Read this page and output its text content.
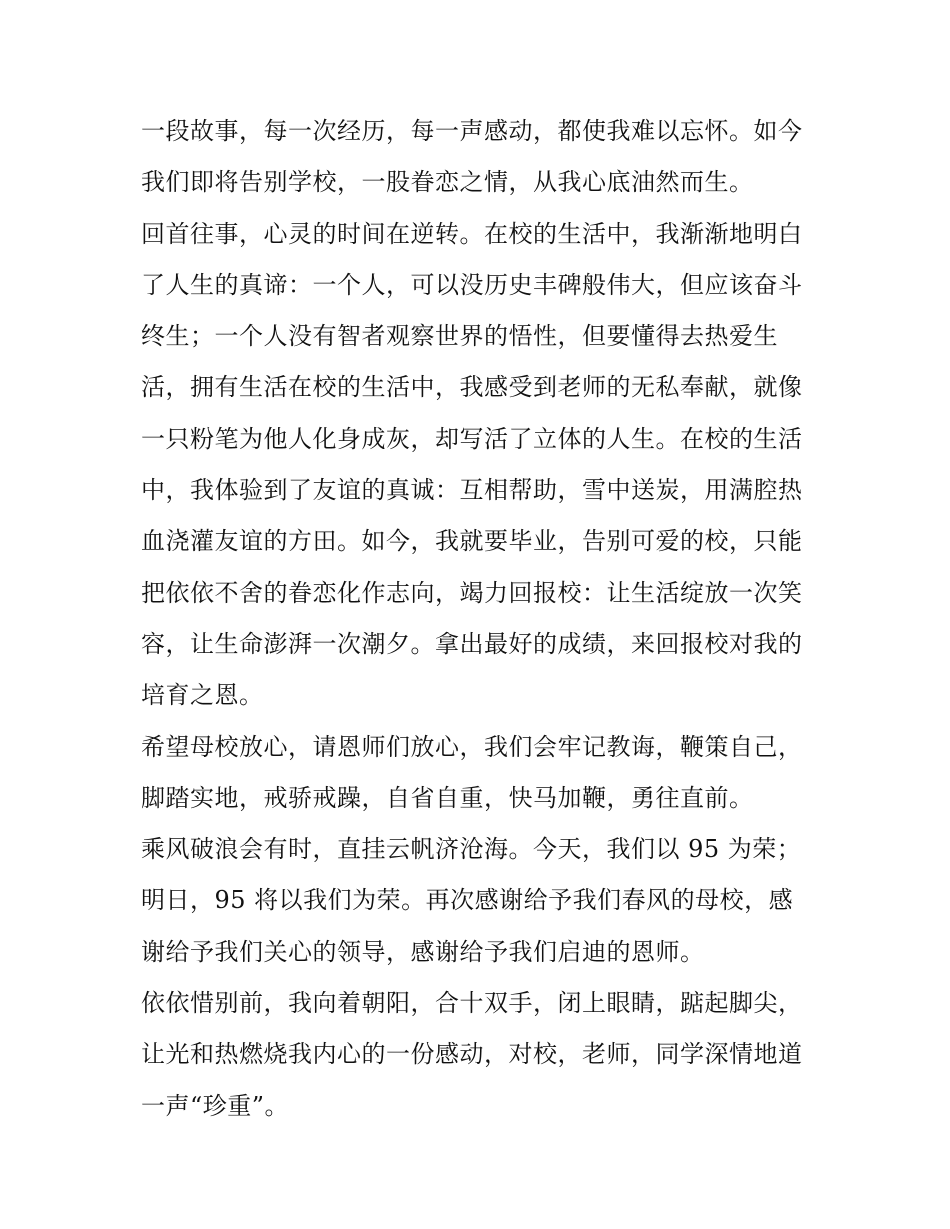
一段故事，每一次经历，每一声感动，都使我难以忘怀。如今
我们即将告别学校，一股眷恋之情，从我心底油然而生。
回首往事，心灵的时间在逆转。在校的生活中，我渐渐地明白
了人生的真谛：一个人，可以没历史丰碑般伟大，但应该奋斗
终生；一个人没有智者观察世界的悟性，但要懂得去热爱生
活，拥有生活在校的生活中，我感受到老师的无私奉献，就像
一只粉笔为他人化身成灰，却写活了立体的人生。在校的生活
中，我体验到了友谊的真诚：互相帮助，雪中送炭，用满腔热
血浇灌友谊的方田。如今，我就要毕业，告别可爱的校，只能
把依依不舍的眷恋化作志向，竭力回报校：让生活绽放一次笑
容，让生命澎湃一次潮夕。拿出最好的成绩，来回报校对我的
培育之恩。
希望母校放心，请恩师们放心，我们会牢记教诲，鞭策自己，
脚踏实地，戒骄戒躁，自省自重，快马加鞭，勇往直前。
乘风破浪会有时，直挂云帆济沧海。今天，我们以 95 为荣；
明日，95 将以我们为荣。再次感谢给予我们春风的母校，感
谢给予我们关心的领导，感谢给予我们启迪的恩师。
依依惜别前，我向着朝阳，合十双手，闭上眼睛，踮起脚尖，
让光和热燃烧我内心的一份感动，对校，老师，同学深情地道
一声“珍重”。
